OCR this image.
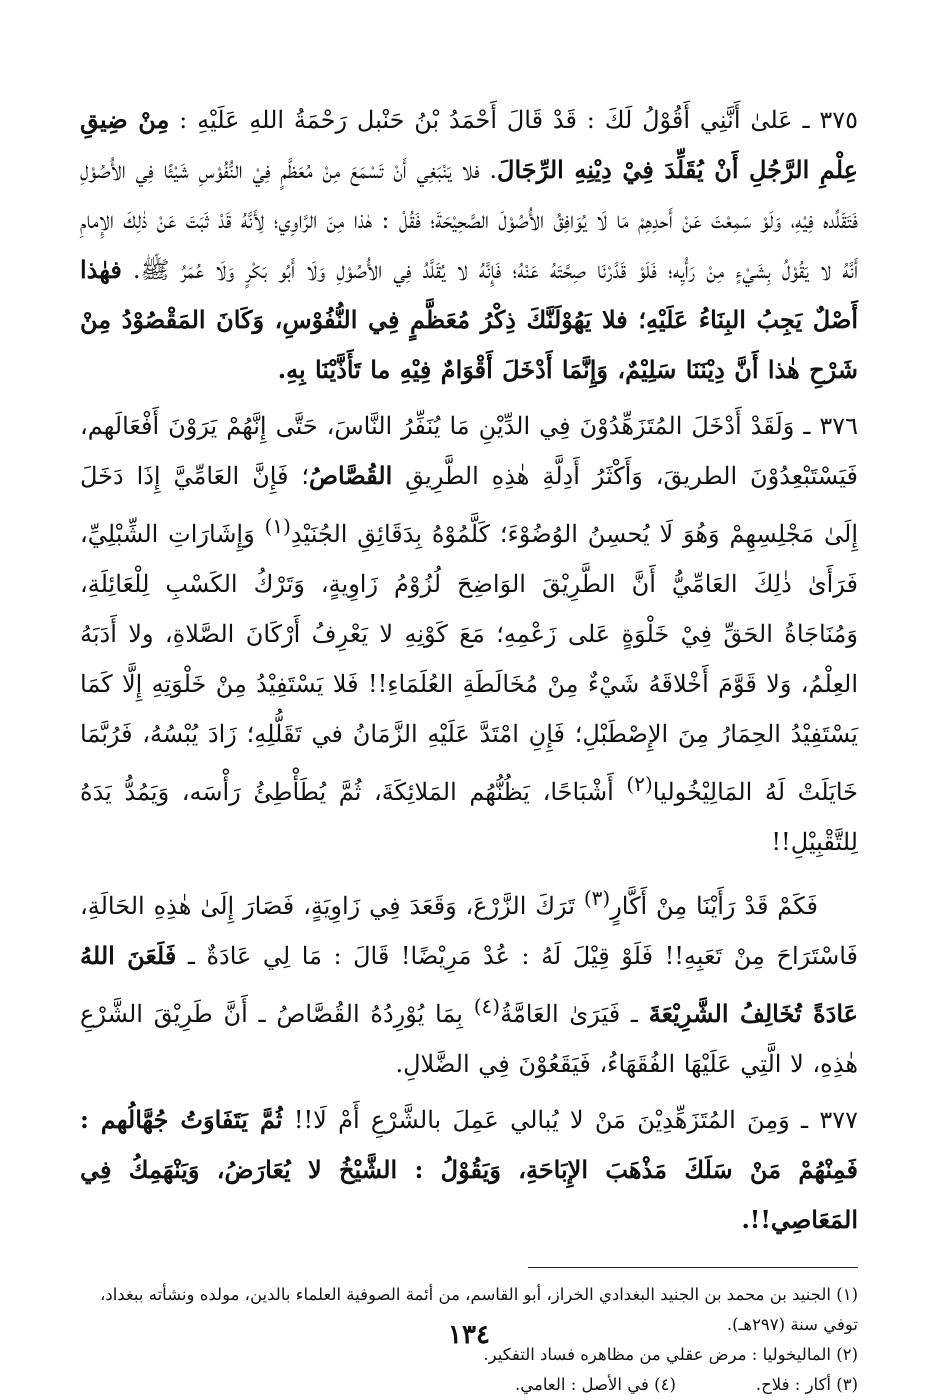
٣٧٥ ـ عَلىٰ أَنَّنِي أَقُوْلُ لَكَ : قَدْ قَالَ أَحْمَدُ بْنُ حَنْبل رَحْمَةُ اللهِ عَلَيْهِ : مِنْ ضِيقِ عِلْمِ الرَّجُلِ أَنْ يُقَلِّدَ فِيْ دِيْنِهِ الرِّجَالَ. فلا يَنْبَغِي أَنْ تَسْمَعَ مِنْ مُعَظَّمٍ فِيْ النُّفُوْسِ شَيْئًا فِي الأُصُوْلِ فَتَقَلِّده فِيْهِ، وَلَوْ سَمِعْتَ عَنْ أَحدِهِمْ مَا لَا يُوَافِقُ الأُصُوْلَ الصَّحِيْحَةَ؛ فَقُلْ : هٰذا مِنَ الرَّاوِي؛ لِأَنَّهُ قَدْ ثَبَتَ عَنْ ذٰلِكَ الإِمامِ أَنَّهُ لا يَقُوْلُ بِشَيْءٍ مِنْ رَأْيِه؛ فَلَوْ قَدَّرْنَا صِحَّتَهُ عَنْهُ؛ فَإِنَّهُ لا يُقَلَّدُ فِي الأُصُوْلِ وَلَا أَبُو بَكْرٍ وَلَا عُمَرُ ﷺ. فهٰذا أَصْلٌ يَجِبُ البِنَاءُ عَلَيْهِ؛ فلا يَهُوْلَنَّكَ ذِكْرُ مُعَظَّمٍ فِي النُّفُوْسِ، وَكَانَ المَقْصُوْدُ مِنْ شَرْحِ هٰذا أَنَّ دِيْنَنَا سَلِيْمٌ، وَإِنَّمَا أَدْخَلَ أَقْوَامٌ فِيْهِ ما تَأَذَّيْنَا بِهِ.

٣٧٦ ـ وَلَقَدْ أَدْخَلَ المُتَزَهِّدُوْنَ فِي الدِّيْنِ مَا يُنَفِّرُ النَّاسَ، حَتَّى إِنَّهُمْ يَرَوْنَ أَفْعَالَهم، فَيَسْتَبْعِدُوْنَ الطريقَ، وَأَكْثَرُ أَدِلَّةِ هٰذِهِ الطَّرِيقِ القُصَّاصُ؛ فَإِنَّ العَامِّيَّ إِذَا دَخَلَ إِلَىٰ مَجْلِسِهِمْ وَهُوَ لَا يُحسِنُ الوُضُوْءَ؛ كَلَّمُوْهُ بِدَقَائِقِ الجُنَيْدِ$^{(١)}$ وَإِشَارَاتِ الشِّبْلِيِّ، فَرَأَىٰ ذٰلِكَ العَامِّيُّ أَنَّ الطَّرِيْقَ الوَاضِحَ لُزُوْمُ زَاوِيةٍ، وَتَرْكُ الكَسْبِ لِلْعَائِلَةِ، وَمُنَاجَاةُ الحَقِّ فِيْ خَلْوَةٍ عَلى زَعْمِهِ؛ مَعَ كَوْنِهِ لا يَعْرِفُ أَرْكَانَ الصَّلاةِ، ولا أَدَبَهُ العِلْمُ، وَلا قَوَّمَ أَخْلاقَهُ شَيْءٌ مِنْ مُخَالَطَةِ العُلَمَاءِ!! فَلا يَسْتَفِيْدُ مِنْ خَلْوَتِهِ إِلَّا كَمَا يَسْتَفِيْدُ الحِمَارُ مِنَ الإِصْطَبْلِ؛ فَإِنِ امْتَدَّ عَلَيْهِ الزَّمَانُ في تَقَلُّلِهِ؛ زَادَ يُبْسُهُ، فَرُبَّمَا خَايَلَتْ لَهُ المَالِيْخُوليا$^{(٢)}$ أَشْبَاحًا، يَظُنُّهُم المَلائِكَةَ، ثُمَّ يُطَأْطِئُ رَأْسَه، وَيَمُدُّ يَدَهُ لِلتَّقْبِيْلِ!!

فَكَمْ قَدْ رَأَيْنَا مِنْ أَكَّارٍ$^{(٣)}$ تَرَكَ الزَّرْعَ، وَقَعَدَ فِي زَاوِيَةٍ، فَصَارَ إِلَىٰ هٰذِهِ الحَالَةِ، فَاسْتَرَاحَ مِنْ تَعَبِهِ!! فَلَوْ قِيْلَ لَهُ : عُدْ مَرِيْضًا! قَالَ : مَا لِي عَادَةٌ ـ فَلَعَنَ اللهُ عَادَةً تُخَالِفُ الشَّرِيْعَةَ ـ فَيَرَىٰ العَامَّةُ$^{(٤)}$ بِمَا يُوْرِدُهُ القُصَّاصُ ـ أَنَّ طَرِيْقَ الشَّرْعِ هٰذِهِ، لا الَّتِي عَلَيْهَا الفُقَهَاءُ، فَيَقَعُوْنَ فِي الضَّلالِ.

٣٧٧ ـ وَمِنَ المُتَزَهِّدِيْنَ مَنْ لا يُبالي عَمِلَ بالشَّرْعِ أَمْ لَا!! ثُمَّ يَتَفَاوَتُ جُهَّالُهم : فَمِنْهُمْ مَنْ سَلَكَ مَذْهَبَ الإِبَاحَةِ، وَيَقُوْلُ : الشَّيْخُ لا يُعَارَضُ، وَيَنْهَمِكُ فِي المَعَاصِي!!.

(١) الجنيد بن محمد بن الجنيد البغدادي الخراز، أبو القاسم، من أئمة الصوفية العلماء بالدين، مولده ونشأته ببغداد، توفي سنة (٢٩٧هـ).

(٢) الماليخوليا : مرض عقلي من مظاهره فساد التفكير.

(٣) أكار : فلاح.

(٤) في الأصل : العامي.

١٣٤
